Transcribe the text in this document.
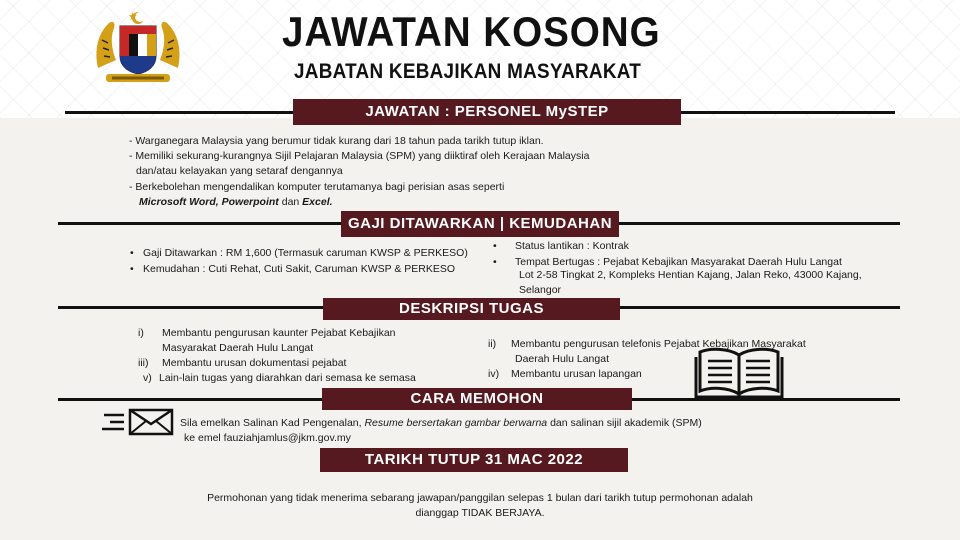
JAWATAN KOSONG
JABATAN KEBAJIKAN MASYARAKAT
JAWATAN : PERSONEL MySTEP
- Warganegara Malaysia yang berumur tidak kurang dari 18 tahun pada tarikh tutup iklan.
- Memiliki sekurang-kurangnya Sijil Pelajaran Malaysia (SPM) yang diiktiraf oleh Kerajaan Malaysia
dan/atau kelayakan yang setaraf dengannya
- Berkebolehan mengendalikan komputer terutamanya bagi perisian asas seperti
Microsoft Word, Powerpoint dan Excel.
GAJI DITAWARKAN | KEMUDAHAN
• Gaji Ditawarkan : RM 1,600 (Termasuk caruman KWSP & PERKESO)
• Kemudahan : Cuti Rehat, Cuti Sakit, Caruman KWSP & PERKESO
• Status lantikan : Kontrak
• Tempat Bertugas : Pejabat Kebajikan Masyarakat Daerah Hulu Langat
Lot 2-58 Tingkat 2, Kompleks Hentian Kajang, Jalan Reko, 43000 Kajang,
Selangor
DESKRIPSI TUGAS
i) Membantu pengurusan kaunter Pejabat Kebajikan
Masyarakat Daerah Hulu Langat
iii) Membantu urusan dokumentasi pejabat
v) Lain-lain tugas yang diarahkan dari semasa ke semasa
ii) Membantu pengurusan telefonis Pejabat Kebajikan Masyarakat
Daerah Hulu Langat
iv) Membantu urusan lapangan
CARA MEMOHON
Sila emelkan Salinan Kad Pengenalan, Resume bersertakan gambar berwarna dan salinan sijil akademik (SPM)
ke emel fauziahjamlus@jkm.gov.my
TARIKH TUTUP 31 MAC 2022
Permohonan yang tidak menerima sebarang jawapan/panggilan selepas 1 bulan dari tarikh tutup permohonan adalah
dianggap TIDAK BERJAYA.
